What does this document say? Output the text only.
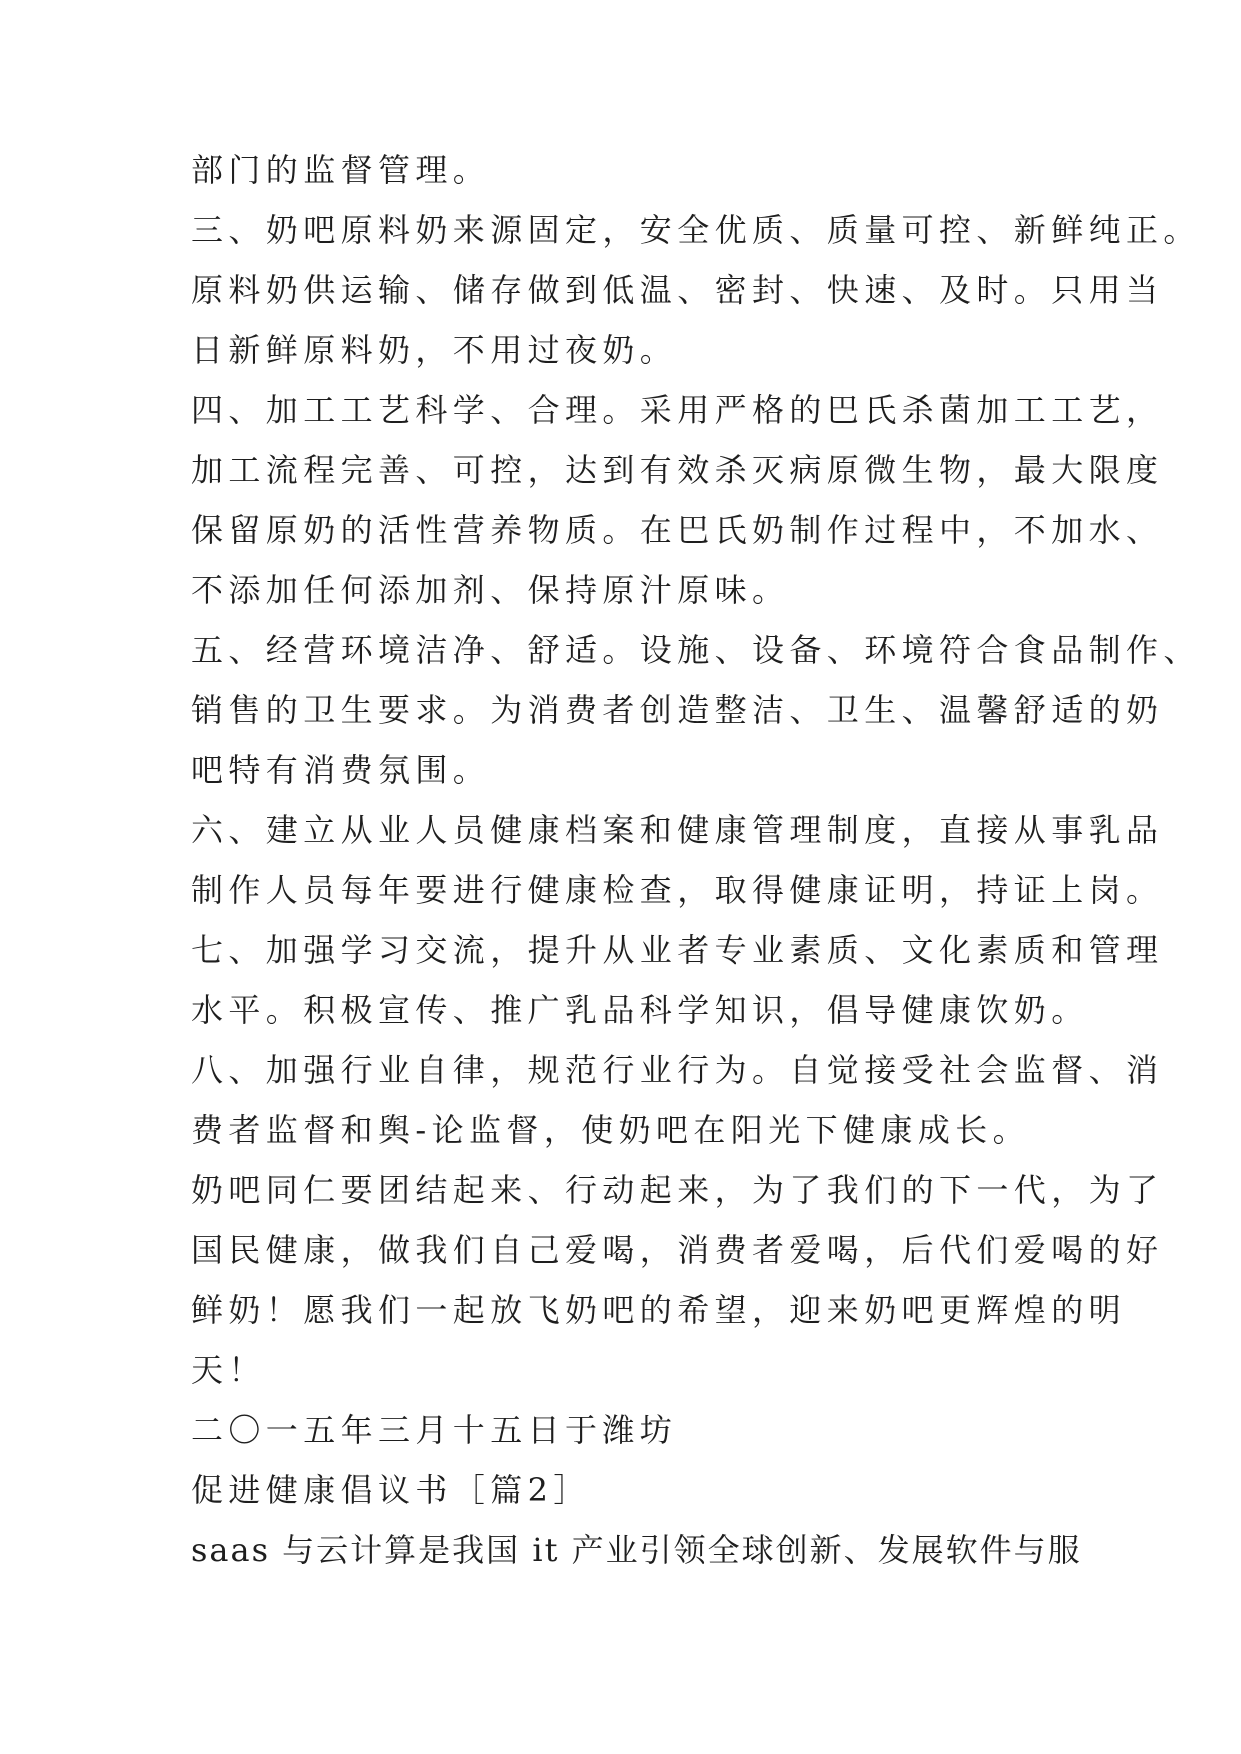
部门的监督管理。
三、奶吧原料奶来源固定，安全优质、质量可控、新鲜纯正。
原料奶供运输、储存做到低温、密封、快速、及时。只用当
日新鲜原料奶，不用过夜奶。
四、加工工艺科学、合理。采用严格的巴氏杀菌加工工艺，
加工流程完善、可控，达到有效杀灭病原微生物，最大限度
保留原奶的活性营养物质。在巴氏奶制作过程中，不加水、
不添加任何添加剂、保持原汁原味。
五、经营环境洁净、舒适。设施、设备、环境符合食品制作、
销售的卫生要求。为消费者创造整洁、卫生、温馨舒适的奶
吧特有消费氛围。
六、建立从业人员健康档案和健康管理制度，直接从事乳品
制作人员每年要进行健康检查，取得健康证明，持证上岗。
七、加强学习交流，提升从业者专业素质、文化素质和管理
水平。积极宣传、推广乳品科学知识，倡导健康饮奶。
八、加强行业自律，规范行业行为。自觉接受社会监督、消
费者监督和舆-论监督，使奶吧在阳光下健康成长。
奶吧同仁要团结起来、行动起来，为了我们的下一代，为了
国民健康，做我们自己爱喝，消费者爱喝，后代们爱喝的好
鲜奶！愿我们一起放飞奶吧的希望，迎来奶吧更辉煌的明
天！
二〇一五年三月十五日于潍坊
促进健康倡议书［篇2］
saas 与云计算是我国 it 产业引领全球创新、发展软件与服
